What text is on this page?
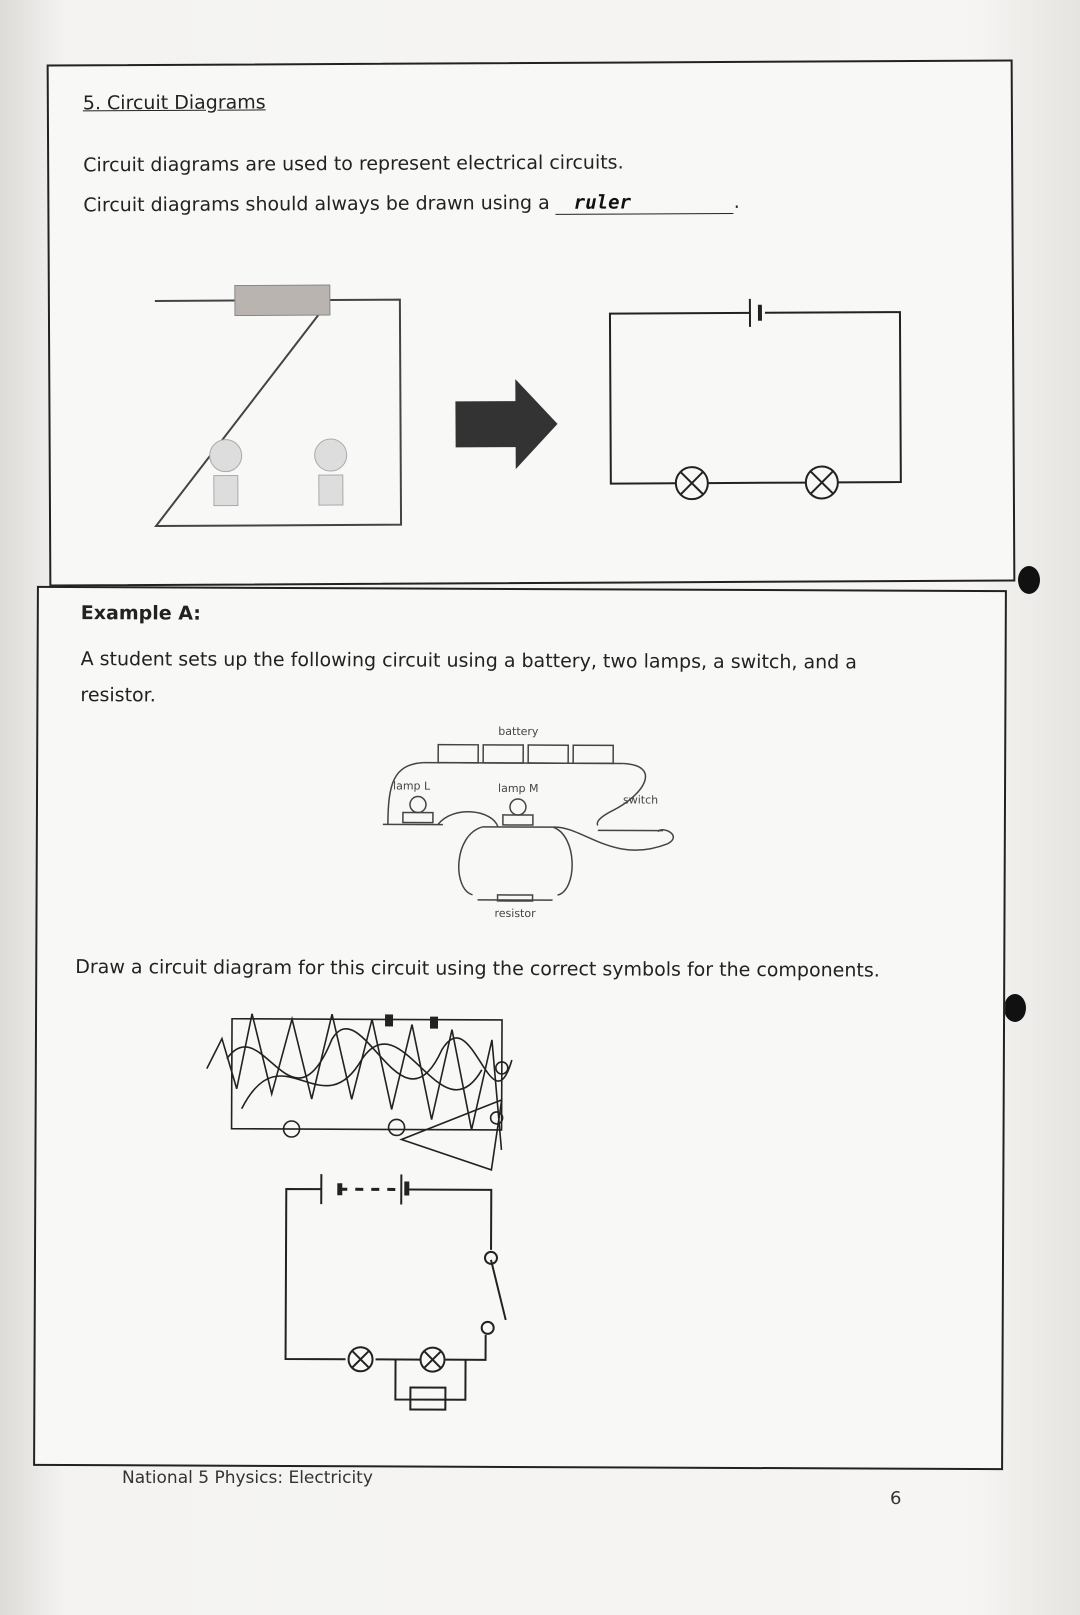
5. Circuit Diagrams
Circuit diagrams are used to represent electrical circuits.
Circuit diagrams should always be drawn using a ruler	.
Example A:
A student sets up the following circuit using a battery, two lamps, a switch, and a
resistor.
battery
lamp L	lamp M
switch
resistor
Draw a circuit diagram for this circuit using the correct symbols for the components.
National 5 Physics: Electricity
6
